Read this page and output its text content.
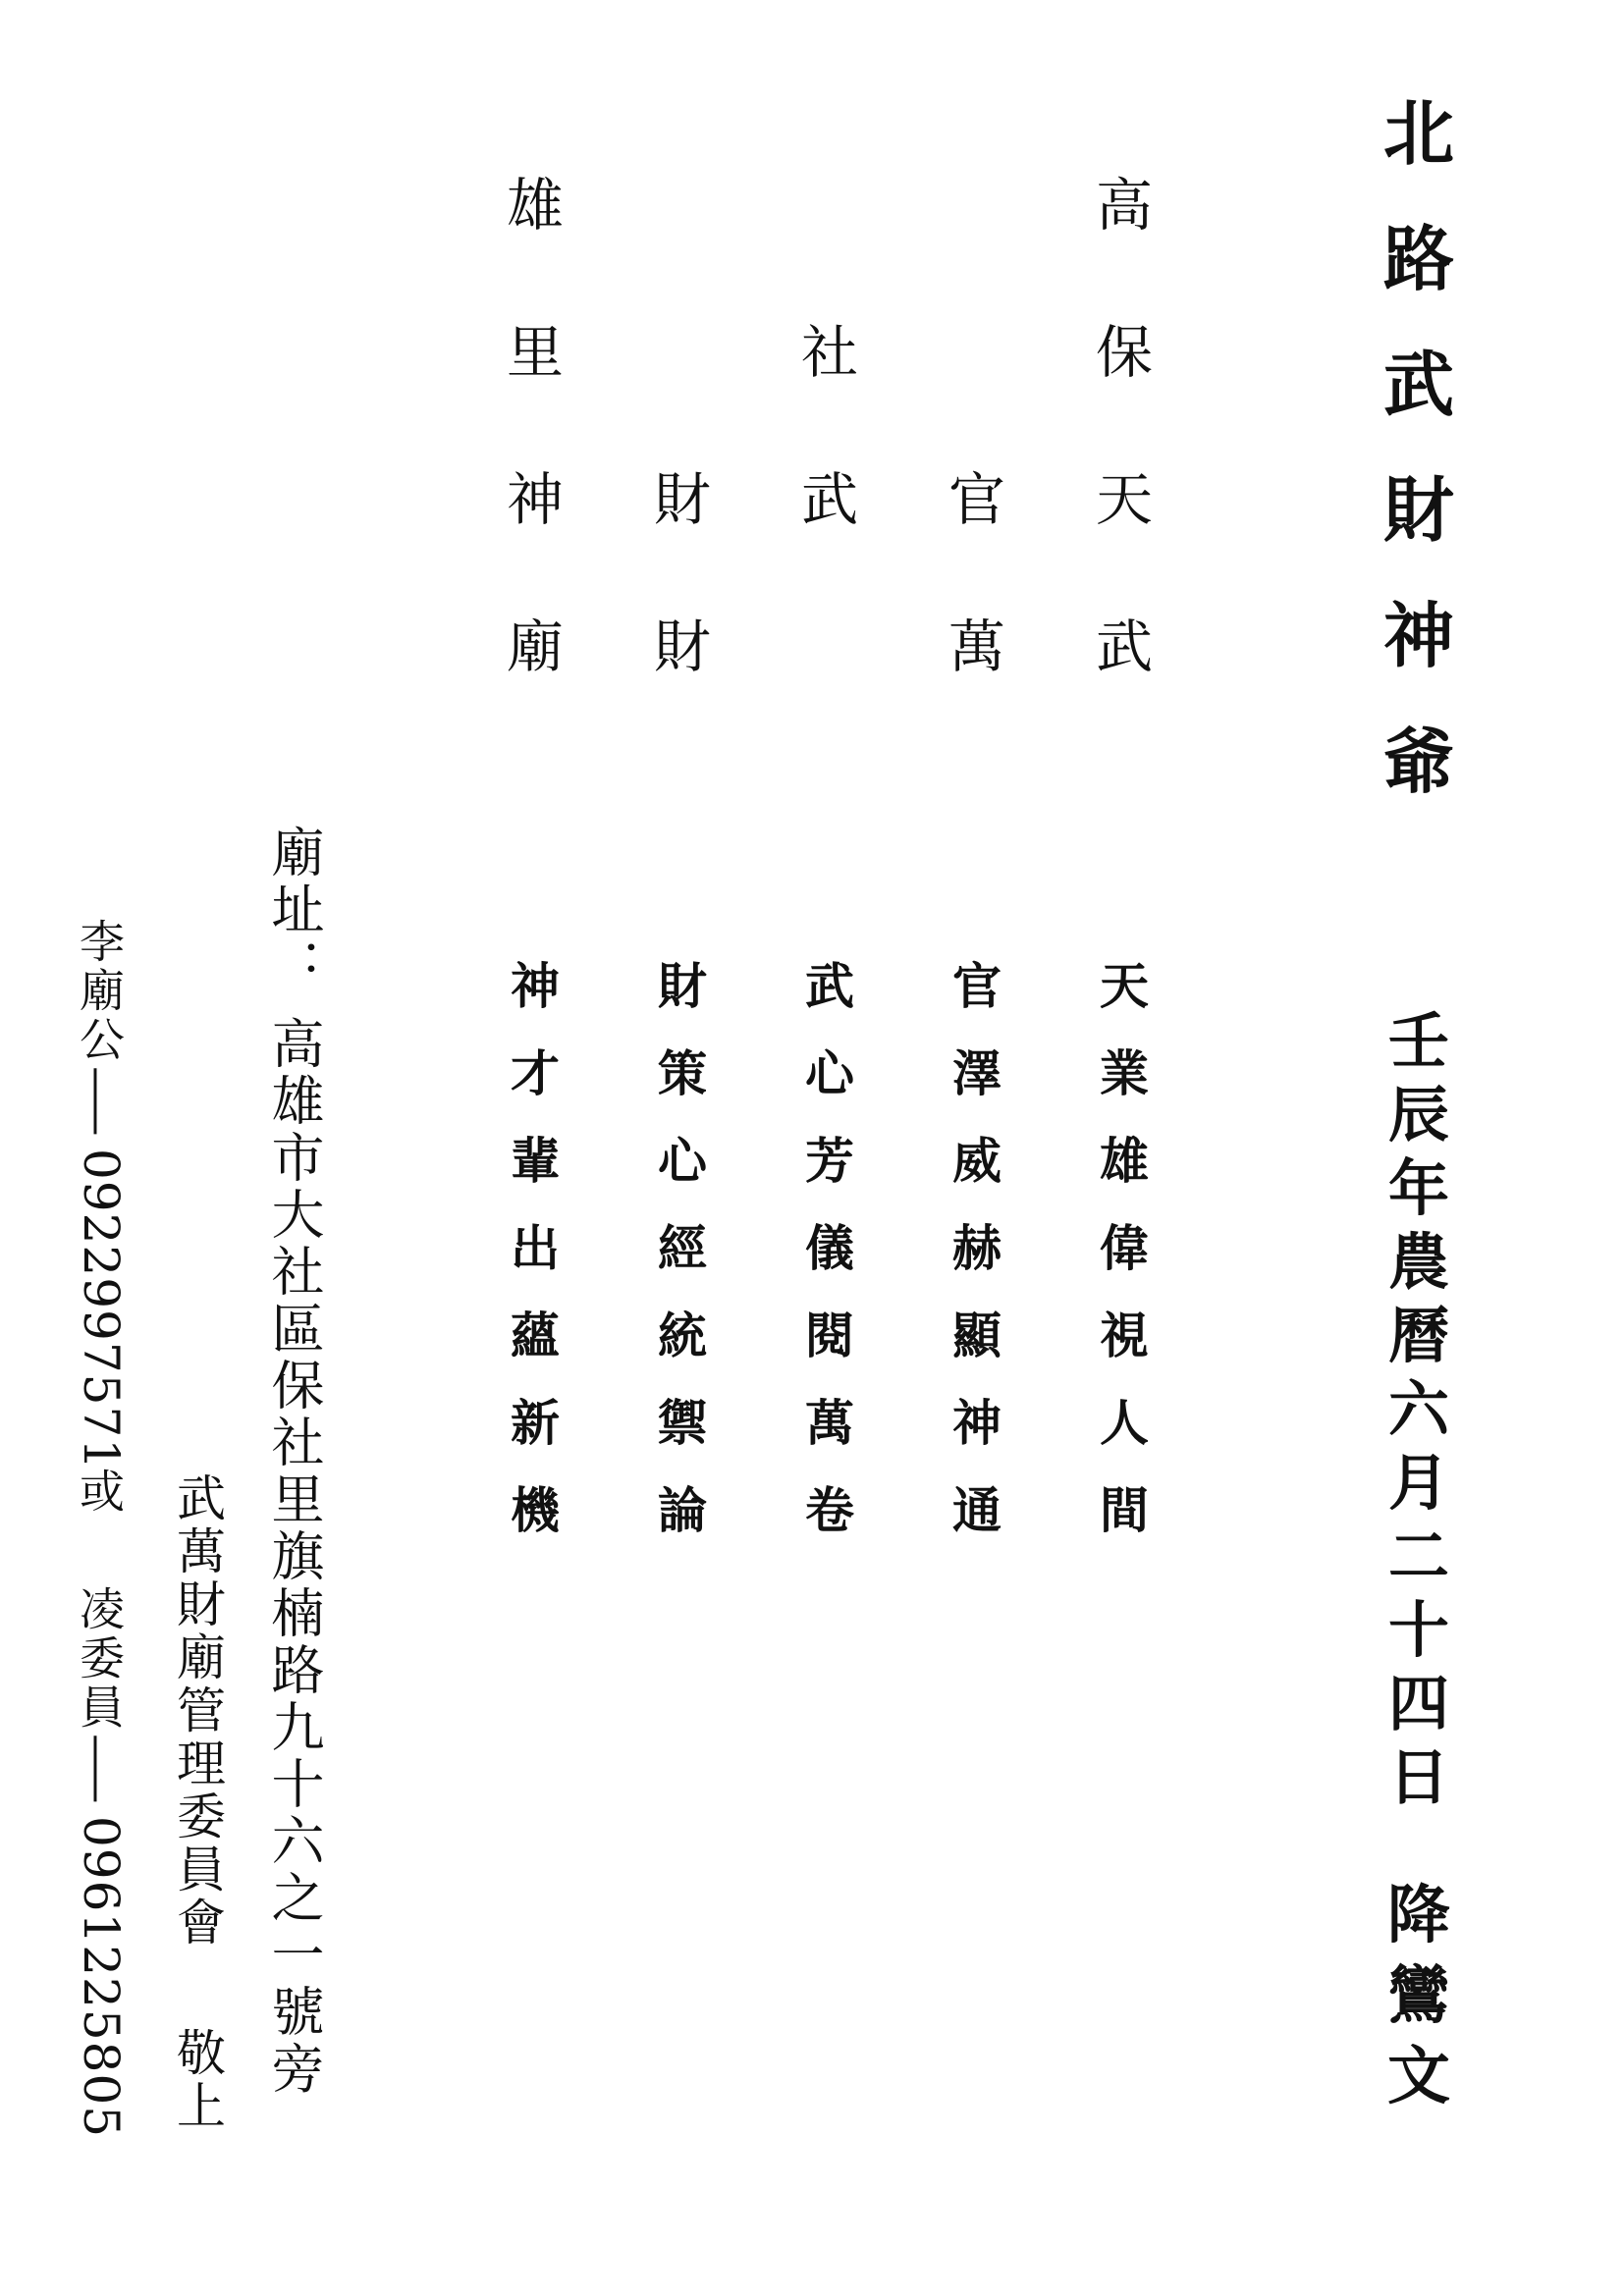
北
路
武
財
神
爺
壬
辰
年
農
曆
六
月
二
十
四
日
降
鸞
文
高
保
天
武
官
萬
社
武
財
財
雄
里
神
廟
天
業
雄
偉
視
人
間
官
澤
威
赫
顯
神
通
武
心
芳
儀
閱
萬
卷
財
策
心
經
統
禦
論
神
才
輩
出
蘊
新
機
廟址：
高雄市大社區保社里旗楠路九十六之一號旁
武萬財廟管理委員會
敬上
李廟公
—
0922997571
或
凌委員
—
0961225805
